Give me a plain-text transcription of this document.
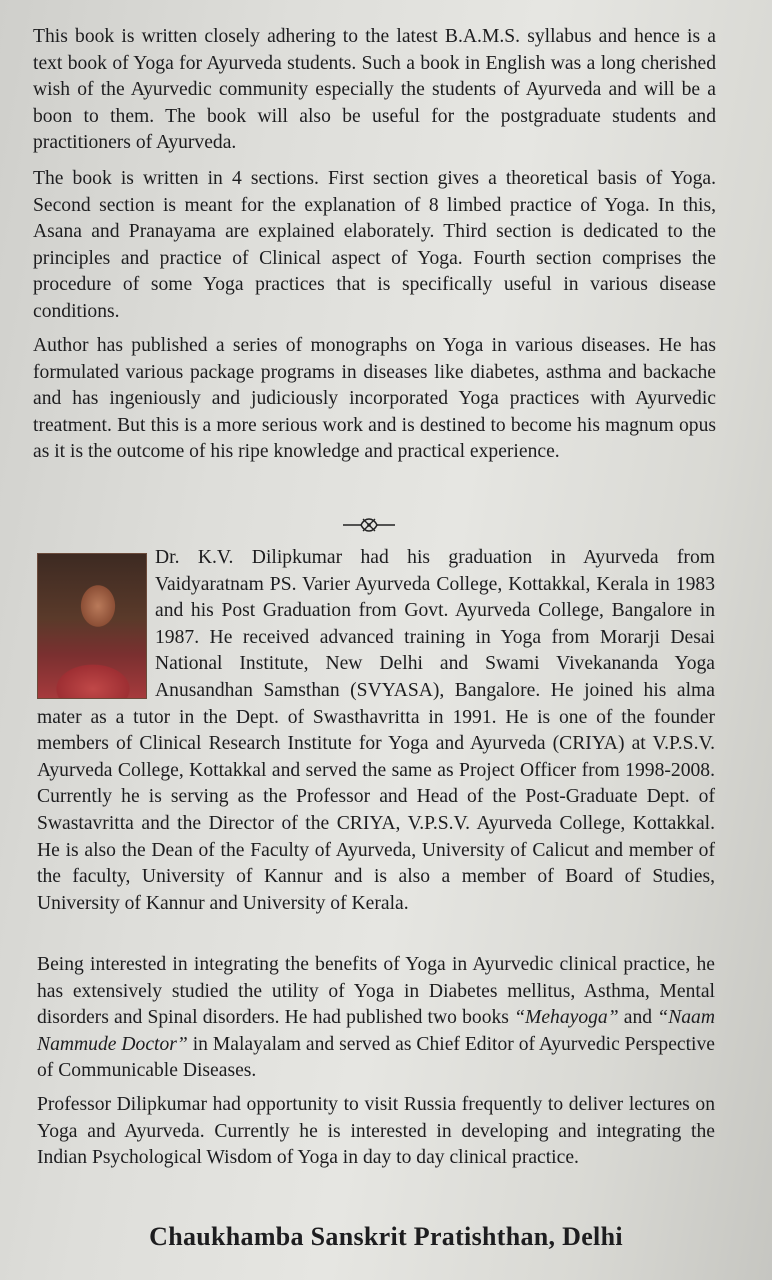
This book is written closely adhering to the latest B.A.M.S. syllabus and hence is a text book of Yoga for Ayurveda students. Such a book in English was a long cherished wish of the Ayurvedic community especially the students of Ayurveda and will be a boon to them. The book will also be useful for the postgraduate students and practitioners of Ayurveda.

The book is written in 4 sections. First section gives a theoretical basis of Yoga. Second section is meant for the explanation of 8 limbed practice of Yoga. In this, Asana and Pranayama are explained elaborately. Third section is dedicated to the principles and practice of Clinical aspect of Yoga. Fourth section comprises the procedure of some Yoga practices that is specifically useful in various disease conditions.

Author has published a series of monographs on Yoga in various diseases. He has formulated various package programs in diseases like diabetes, asthma and backache and has ingeniously and judiciously incorporated Yoga practices with Ayurvedic treatment. But this is a more serious work and is destined to become his magnum opus as it is the outcome of his ripe knowledge and practical experience.

Dr. K.V. Dilipkumar had his graduation in Ayurveda from Vaidyaratnam PS. Varier Ayurveda College, Kottakkal, Kerala in 1983 and his Post Graduation from Govt. Ayurveda College, Bangalore in 1987. He received advanced training in Yoga from Morarji Desai National Institute, New Delhi and Swami Vivekananda Yoga Anusandhan Samsthan (SVYASA), Bangalore. He joined his alma mater as a tutor in the Dept. of Swasthavritta in 1991. He is one of the founder members of Clinical Research Institute for Yoga and Ayurveda (CRIYA) at V.P.S.V. Ayurveda College, Kottakkal and served the same as Project Officer from 1998-2008. Currently he is serving as the Professor and Head of the Post-Graduate Dept. of Swastavritta and the Director of the CRIYA, V.P.S.V. Ayurveda College, Kottakkal. He is also the Dean of the Faculty of Ayurveda, University of Calicut and member of the faculty, University of Kannur and is also a member of Board of Studies, University of Kannur and University of Kerala.

Being interested in integrating the benefits of Yoga in Ayurvedic clinical practice, he has extensively studied the utility of Yoga in Diabetes mellitus, Asthma, Mental disorders and Spinal disorders. He had published two books “Mehayoga” and “Naam Nammude Doctor” in Malayalam and served as Chief Editor of Ayurvedic Perspective of Communicable Diseases.

Professor Dilipkumar had opportunity to visit Russia frequently to deliver lectures on Yoga and Ayurveda. Currently he is interested in developing and integrating the Indian Psychological Wisdom of Yoga in day to day clinical practice.

Chaukhamba Sanskrit Pratishthan, Delhi
